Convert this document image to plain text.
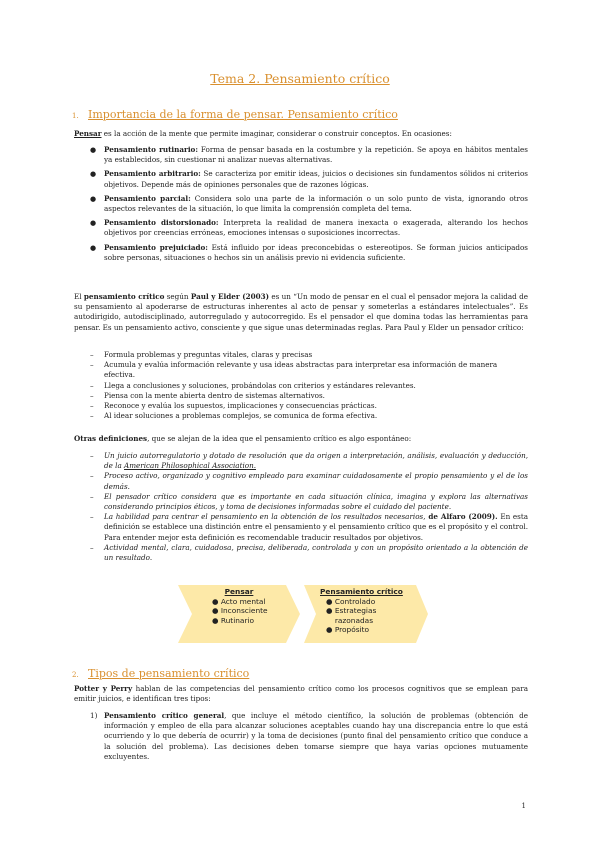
Tema 2. Pensamiento crítico
1. Importancia de la forma de pensar. Pensamiento crítico
Pensar es la acción de la mente que permite imaginar, considerar o construir conceptos. En ocasiones:
● Pensamiento rutinario: Forma de pensar basada en la costumbre y la repetición. Se apoya en hábitos mentales ya establecidos, sin cuestionar ni analizar nuevas alternativas.
● Pensamiento arbitrario: Se caracteriza por emitir ideas, juicios o decisiones sin fundamentos sólidos ni criterios objetivos. Depende más de opiniones personales que de razones lógicas.
● Pensamiento parcial: Considera solo una parte de la información o un solo punto de vista, ignorando otros aspectos relevantes de la situación, lo que limita la comprensión completa del tema.
● Pensamiento distorsionado: Interpreta la realidad de manera inexacta o exagerada, alterando los hechos objetivos por creencias erróneas, emociones intensas o suposiciones incorrectas.
● Pensamiento prejuiciado: Está influido por ideas preconcebidas o estereotipos. Se forman juicios anticipados sobre personas, situaciones o hechos sin un análisis previo ni evidencia suficiente.
El pensamiento crítico según Paul y Elder (2003) es un “Un modo de pensar en el cual el pensador mejora la calidad de su pensamiento al apoderarse de estructuras inherentes al acto de pensar y someterlas a estándares intelectuales”. Es autodirigido, autodisciplinado, autorregulado y autocorregido. Es el pensador el que domina todas las herramientas para pensar. Es un pensamiento activo, consciente y que sigue unas determinadas reglas. Para Paul y Elder un pensador crítico:
– Formula problemas y preguntas vitales, claras y precisas
– Acumula y evalúa información relevante y usa ideas abstractas para interpretar esa información de manera efectiva.
– Llega a conclusiones y soluciones, probándolas con criterios y estándares relevantes.
– Piensa con la mente abierta dentro de sistemas alternativos.
– Reconoce y evalúa los supuestos, implicaciones y consecuencias prácticas.
– Al idear soluciones a problemas complejos, se comunica de forma efectiva.
Otras definiciones, que se alejan de la idea que el pensamiento crítico es algo espontáneo:
– Un juicio autorregulatorio y dotado de resolución que da origen a interpretación, análisis, evaluación y deducción, de la American Philosophical Association.
– Proceso activo, organizado y cognitivo empleado para examinar cuidadosamente el propio pensamiento y el de los demás.
– El pensador crítico considera que es importante en cada situación clínica, imagina y explora las alternativas considerando principios éticos, y toma de decisiones informadas sobre el cuidado del paciente.
– La habilidad para centrar el pensamiento en la obtención de los resultados necesarios, de Alfaro (2009). En esta definición se establece una distinción entre el pensamiento y el pensamiento crítico que es el propósito y el control. Para entender mejor esta definición es recomendable traducir resultados por objetivos.
– Actividad mental, clara, cuidadosa, precisa, deliberada, controlada y con un propósito orientado a la obtención de un resultado.
Pensar
● Acto mental
● Inconsciente
● Rutinario
Pensamiento crítico
● Controlado
● Estrategias razonadas
● Propósito
2. Tipos de pensamiento crítico
Potter y Perry hablan de las competencias del pensamiento crítico como los procesos cognitivos que se emplean para emitir juicios, e identifican tres tipos:
1) Pensamiento crítico general, que incluye el método científico, la solución de problemas (obtención de información y empleo de ella para alcanzar soluciones aceptables cuando hay una discrepancia entre lo que está ocurriendo y lo que debería de ocurrir) y la toma de decisiones (punto final del pensamiento crítico que conduce a la solución del problema). Las decisiones deben tomarse siempre que haya varias opciones mutuamente excluyentes.
1
